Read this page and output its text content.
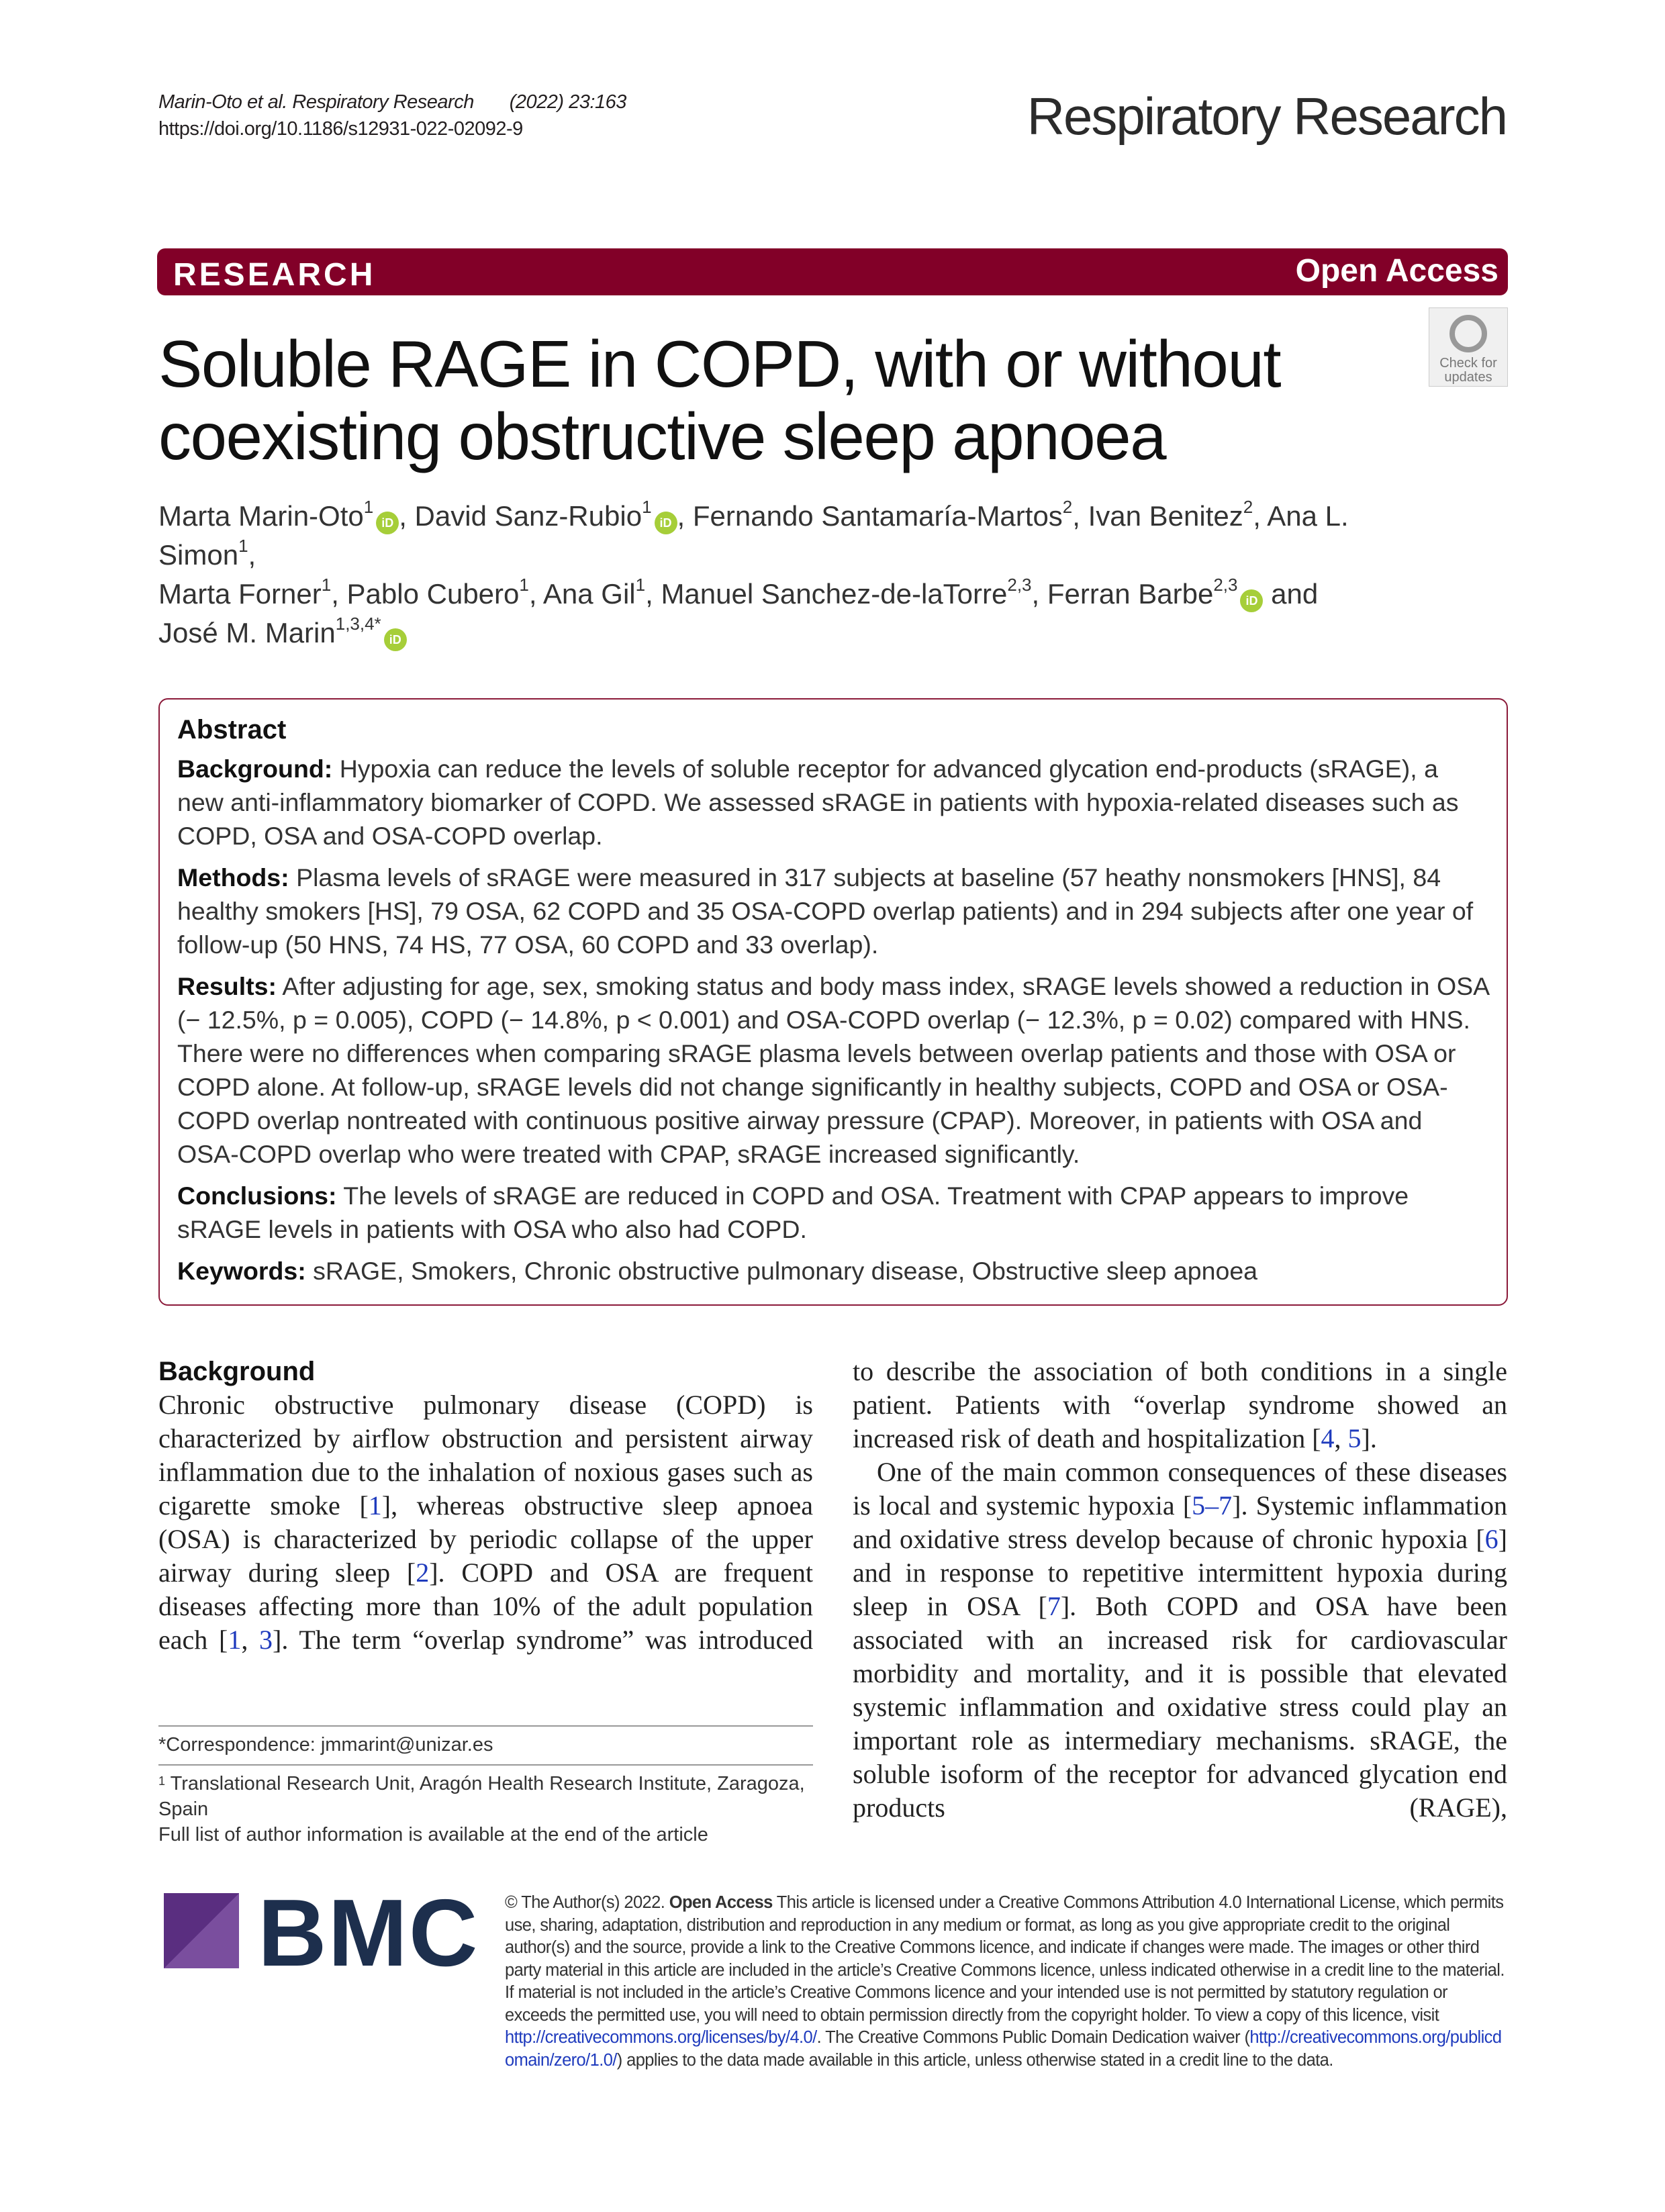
Marin-Oto et al. Respiratory Research (2022) 23:163
https://doi.org/10.1186/s12931-022-02092-9	Respiratory Research
RESEARCH	Open Access
Check for
updates
Soluble RAGE in COPD, with or without
coexisting obstructive sleep apnoea
Marta Marin-Oto$^1$iD , David Sanz-Rubio$^1$iD , Fernando Santamaría-Martos$^2$, Ivan Benitez$^2$, Ana L. Simon$^1$,
Marta Forner$^1$, Pablo Cubero$^1$, Ana Gil$^1$, Manuel Sanchez-de-laTorre$^{2,3}$, Ferran Barbe$^{2,3}$iD and
José M. Marin$^{1,3,4*}$iD
Abstract

Background: Hypoxia can reduce the levels of soluble receptor for advanced glycation end-products (sRAGE), a new anti-inflammatory biomarker of COPD. We assessed sRAGE in patients with hypoxia-related diseases such as COPD, OSA and OSA-COPD overlap.

Methods: Plasma levels of sRAGE were measured in 317 subjects at baseline (57 heathy nonsmokers [HNS], 84 healthy smokers [HS], 79 OSA, 62 COPD and 35 OSA-COPD overlap patients) and in 294 subjects after one year of follow-up (50 HNS, 74 HS, 77 OSA, 60 COPD and 33 overlap).

Results: After adjusting for age, sex, smoking status and body mass index, sRAGE levels showed a reduction in OSA (− 12.5%, p = 0.005), COPD (− 14.8%, p < 0.001) and OSA-COPD overlap (− 12.3%, p = 0.02) compared with HNS. There were no differences when comparing sRAGE plasma levels between overlap patients and those with OSA or COPD alone. At follow-up, sRAGE levels did not change significantly in healthy subjects, COPD and OSA or OSA-COPD overlap nontreated with continuous positive airway pressure (CPAP). Moreover, in patients with OSA and OSA-COPD overlap who were treated with CPAP, sRAGE increased significantly.

Conclusions: The levels of sRAGE are reduced in COPD and OSA. Treatment with CPAP appears to improve sRAGE levels in patients with OSA who also had COPD.

Keywords: sRAGE, Smokers, Chronic obstructive pulmonary disease, Obstructive sleep apnoea

Background

Chronic obstructive pulmonary disease (COPD) is characterized by airflow obstruction and persistent airway inflammation due to the inhalation of noxious gases such as cigarette smoke [1], whereas obstructive sleep apnoea (OSA) is characterized by periodic collapse of the upper airway during sleep [2]. COPD and OSA are frequent diseases affecting more than 10% of the adult population each [1, 3]. The term “overlap syndrome” was introduced

to describe the association of both conditions in a single patient. Patients with “overlap syndrome showed an increased risk of death and hospitalization [4, 5].

One of the main common consequences of these diseases is local and systemic hypoxia [5–7]. Systemic inflammation and oxidative stress develop because of chronic hypoxia [6] and in response to repetitive intermittent hypoxia during sleep in OSA [7]. Both COPD and OSA have been associated with an increased risk for cardiovascular morbidity and mortality, and it is possible that elevated systemic inflammation and oxidative stress could play an important role as intermediary mechanisms. sRAGE, the soluble isoform of the receptor for advanced glycation end products (RAGE),

*Correspondence: jmmarint@unizar.es
$^1$ Translational Research Unit, Aragón Health Research Institute, Zaragoza, Spain
Full list of author information is available at the end of the article
BMC © The Author(s) 2022. Open Access This article is licensed under a Creative Commons Attribution 4.0 International License, which permits use, sharing, adaptation, distribution and reproduction in any medium or format, as long as you give appropriate credit to the original author(s) and the source, provide a link to the Creative Commons licence, and indicate if changes were made. The images or other third party material in this article are included in the article’s Creative Commons licence, unless indicated otherwise in a credit line to the material. If material is not included in the article’s Creative Commons licence and your intended use is not permitted by statutory regulation or exceeds the permitted use, you will need to obtain permission directly from the copyright holder. To view a copy of this licence, visit http://creativecommons.org/licenses/by/4.0/. The Creative Commons Public Domain Dedication waiver (http://creativecommons.org/publicdomain/zero/1.0/) applies to the data made available in this article, unless otherwise stated in a credit line to the data.
